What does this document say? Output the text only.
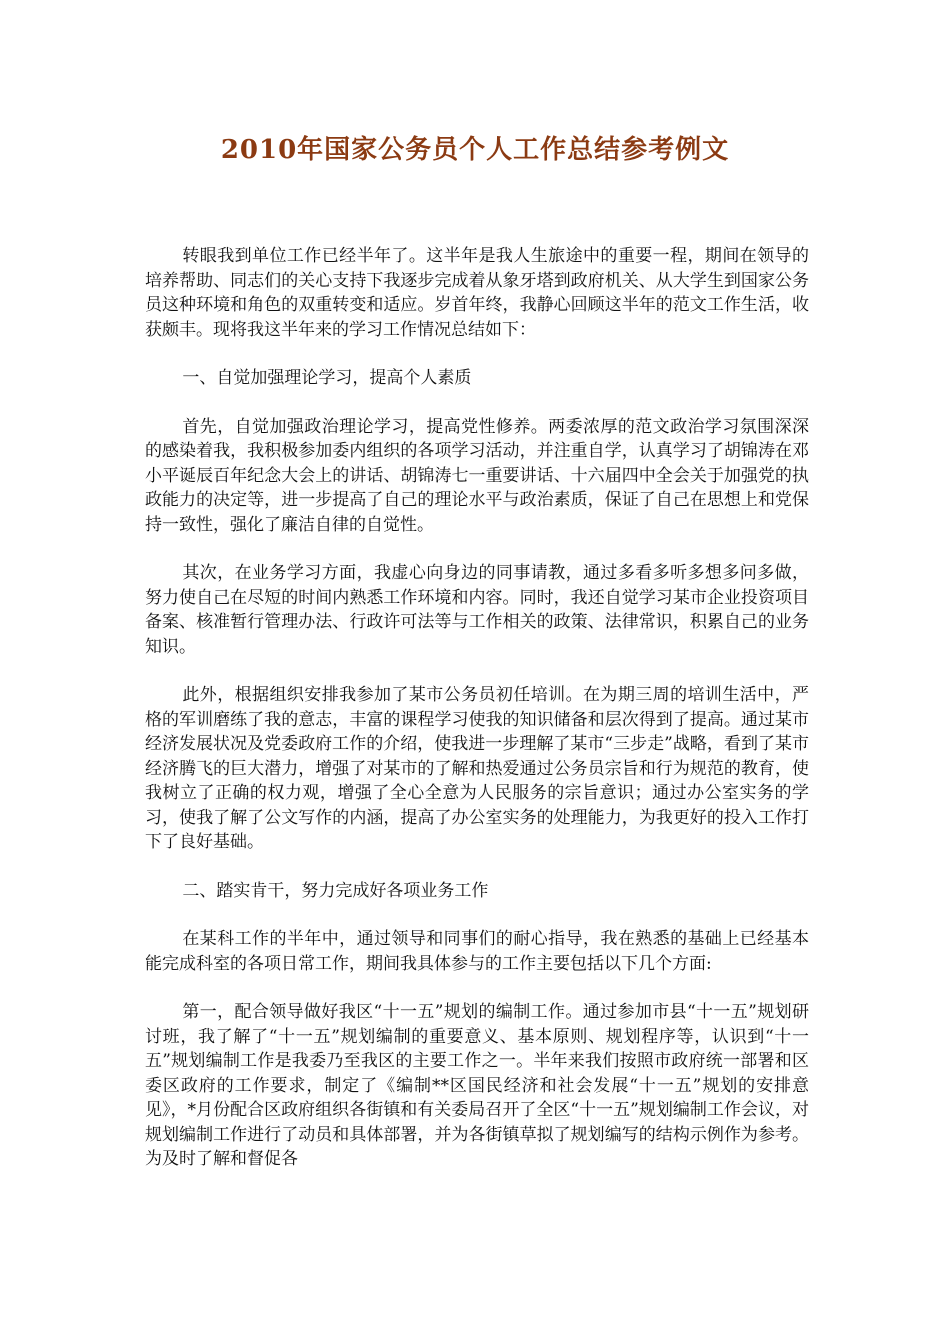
2010年国家公务员个人工作总结参考例文

转眼我到单位工作已经半年了。这半年是我人生旅途中的重要一程，期间在领导的培养帮助、同志们的关心支持下我逐步完成着从象牙塔到政府机关、从大学生到国家公务员这种环境和角色的双重转变和适应。岁首年终，我静心回顾这半年的范文工作生活，收获颇丰。现将我这半年来的学习工作情况总结如下：

一、自觉加强理论学习，提高个人素质

首先，自觉加强政治理论学习，提高党性修养。两委浓厚的范文政治学习氛围深深的感染着我，我积极参加委内组织的各项学习活动，并注重自学，认真学习了胡锦涛在邓小平诞辰百年纪念大会上的讲话、胡锦涛七一重要讲话、十六届四中全会关于加强党的执政能力的决定等，进一步提高了自己的理论水平与政治素质，保证了自己在思想上和党保持一致性，强化了廉洁自律的自觉性。

其次，在业务学习方面，我虚心向身边的同事请教，通过多看多听多想多问多做，努力使自己在尽短的时间内熟悉工作环境和内容。同时，我还自觉学习某市企业投资项目备案、核准暂行管理办法、行政许可法等与工作相关的政策、法律常识，积累自己的业务知识。

此外，根据组织安排我参加了某市公务员初任培训。在为期三周的培训生活中，严格的军训磨练了我的意志，丰富的课程学习使我的知识储备和层次得到了提高。通过某市经济发展状况及党委政府工作的介绍，使我进一步理解了某市“三步走”战略，看到了某市经济腾飞的巨大潜力，增强了对某市的了解和热爱通过公务员宗旨和行为规范的教育，使我树立了正确的权力观，增强了全心全意为人民服务的宗旨意识；通过办公室实务的学习，使我了解了公文写作的内涵，提高了办公室实务的处理能力，为我更好的投入工作打下了良好基础。

二、踏实肯干，努力完成好各项业务工作

在某科工作的半年中，通过领导和同事们的耐心指导，我在熟悉的基础上已经基本能完成科室的各项日常工作，期间我具体参与的工作主要包括以下几个方面:

第一，配合领导做好我区“十一五”规划的编制工作。通过参加市县“十一五”规划研讨班，我了解了“十一五”规划编制的重要意义、基本原则、规划程序等，认识到“十一五”规划编制工作是我委乃至我区的主要工作之一。半年来我们按照市政府统一部署和区委区政府的工作要求，制定了《编制**区国民经济和社会发展“十一五”规划的安排意见》，*月份配合区政府组织各街镇和有关委局召开了全区“十一五”规划编制工作会议，对规划编制工作进行了动员和具体部署，并为各街镇草拟了规划编写的结构示例作为参考。为及时了解和督促各
